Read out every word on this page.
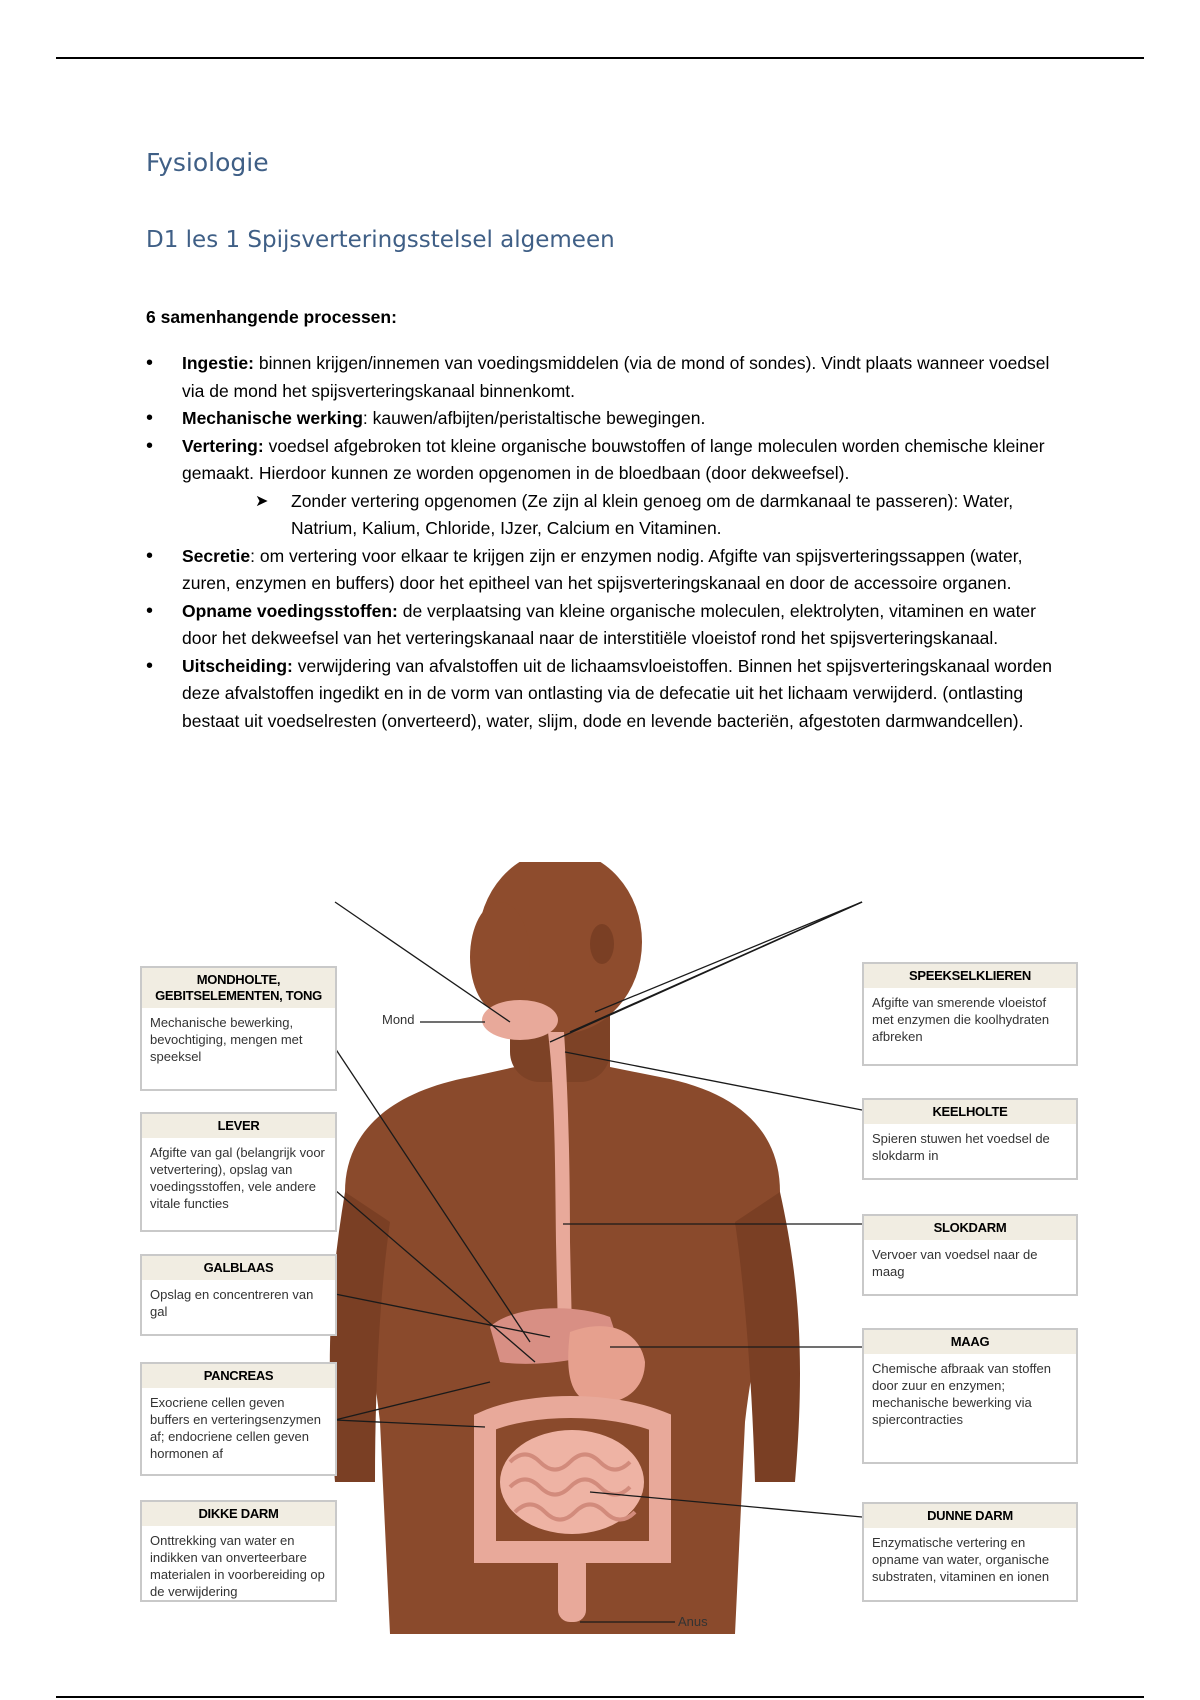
Fysiologie
D1 les 1 Spijsverteringsstelsel algemeen

6 samenhangende processen:

• Ingestie: binnen krijgen/innemen van voedingsmiddelen (via de mond of sondes). Vindt plaats wanneer voedsel via de mond het spijsverteringskanaal binnenkomt.
• Mechanische werking: kauwen/afbijten/peristaltische bewegingen.
• Vertering: voedsel afgebroken tot kleine organische bouwstoffen of lange moleculen worden chemische kleiner gemaakt. Hierdoor kunnen ze worden opgenomen in de bloedbaan (door dekweefsel).
➤ Zonder vertering opgenomen (Ze zijn al klein genoeg om de darmkanaal te passeren): Water, Natrium, Kalium, Chloride, IJzer, Calcium en Vitaminen.
• Secretie: om vertering voor elkaar te krijgen zijn er enzymen nodig. Afgifte van spijsverteringssappen (water, zuren, enzymen en buffers) door het epitheel van het spijsverteringskanaal en door de accessoire organen.
• Opname voedingsstoffen: de verplaatsing van kleine organische moleculen, elektrolyten, vitaminen en water door het dekweefsel van het verteringskanaal naar de interstitiële vloeistof rond het spijsverteringskanaal.
• Uitscheiding: verwijdering van afvalstoffen uit de lichaamsvloeistoffen. Binnen het spijsverteringskanaal worden deze afvalstoffen ingedikt en in de vorm van ontlasting via de defecatie uit het lichaam verwijderd. (ontlasting bestaat uit voedselresten (onverteerd), water, slijm, dode en levende bacteriën, afgestoten darmwandcellen).
Mond
Anus
MONDHOLTE,
GEBITSELEMENTEN, TONG
Mechanische bewerking, bevochtiging, mengen met speeksel
LEVER
Afgifte van gal (belangrijk voor vetvertering), opslag van voedingsstoffen, vele andere vitale functies
GALBLAAS
Opslag en concentreren van gal
PANCREAS
Exocriene cellen geven buffers en verteringsenzymen af; endocriene cellen geven hormonen af
DIKKE DARM
Onttrekking van water en indikken van onverteerbare materialen in voorbereiding op de verwijdering
SPEEKSELKLIEREN
Afgifte van smerende vloeistof met enzymen die koolhydraten afbreken
KEELHOLTE
Spieren stuwen het voedsel de slokdarm in
SLOKDARM
Vervoer van voedsel naar de maag
MAAG
Chemische afbraak van stoffen door zuur en enzymen; mechanische bewerking via spiercontracties
DUNNE DARM
Enzymatische vertering en opname van water, organische substraten, vitaminen en ionen
